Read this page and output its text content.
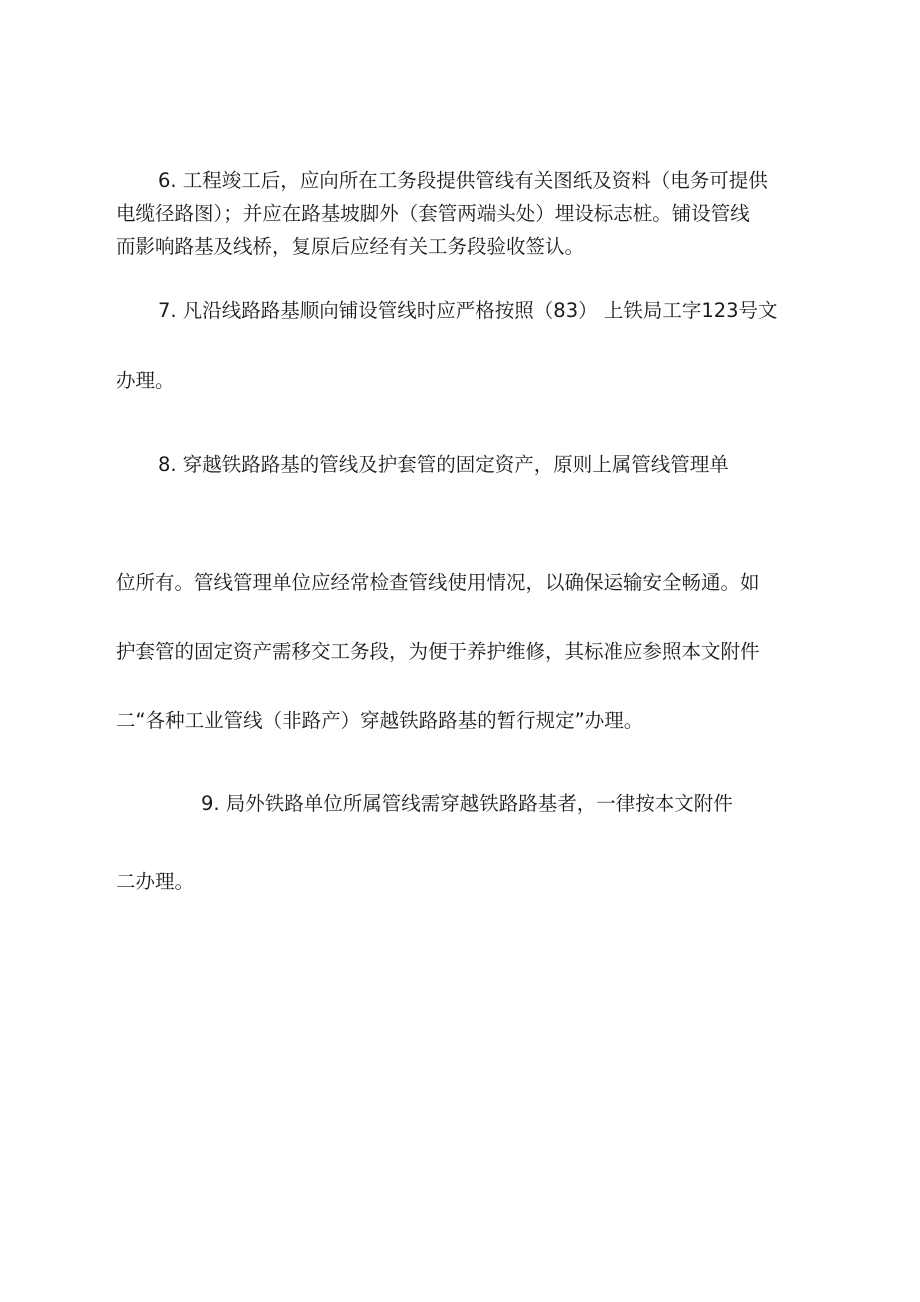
6. 工程竣工后，应向所在工务段提供管线有关图纸及资料（电务可提供
电缆径路图）；并应在路基坡脚外（套管两端头处）埋设标志桩。铺设管线
而影响路基及线桥，复原后应经有关工务段验收签认。
7. 凡沿线路路基顺向铺设管线时应严格按照（83） 上铁局工字123号文
办理。
8. 穿越铁路路基的管线及护套管的固定资产，原则上属管线管理单
位所有。管线管理单位应经常检查管线使用情况，以确保运输安全畅通。如
护套管的固定资产需移交工务段，为便于养护维修，其标准应参照本文附件
二“各种工业管线（非路产）穿越铁路路基的暂行规定”办理。
9. 局外铁路单位所属管线需穿越铁路路基者，一律按本文附件
二办理。
